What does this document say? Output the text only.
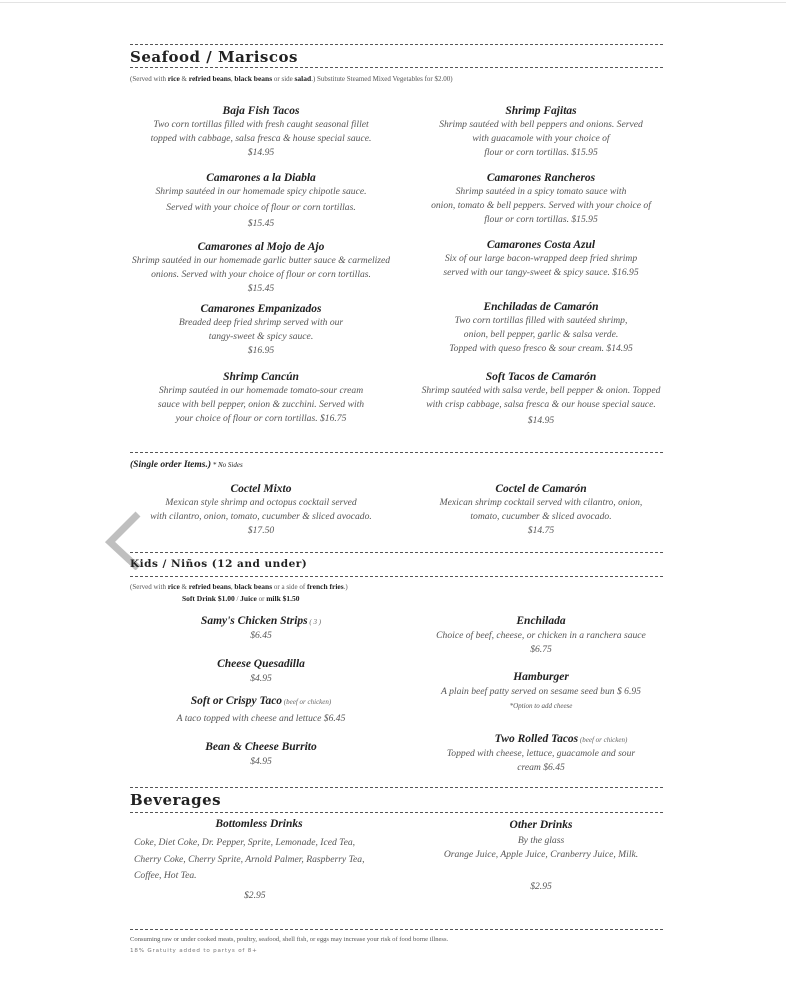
Seafood / Mariscos
(Served with rice & refried beans, black beans or side salad.) Substitute Steamed Mixed Vegetables for $2.00)
Baja Fish Tacos
Two corn tortillas filled with fresh caught seasonal fillet
topped with cabbage, salsa fresca & house special sauce.
$14.95
Camarones a la Diabla
Shrimp sautéed in our homemade spicy chipotle sauce.
Served with your choice of flour or corn tortillas.
$15.45
Camarones al Mojo de Ajo
Shrimp sautéed in our homemade garlic butter sauce & carmelized
onions. Served with your choice of flour or corn tortillas.
$15.45
Camarones Empanizados
Breaded deep fried shrimp served with our
tangy-sweet & spicy sauce.
$16.95
Shrimp Cancún
Shrimp sautéed in our homemade tomato-sour cream
sauce with bell pepper, onion & zucchini. Served with
your choice of flour or corn tortillas. $16.75
Shrimp Fajitas
Shrimp sautéed with bell peppers and onions. Served
with guacamole with your choice of
flour or corn tortillas. $15.95
Camarones Rancheros
Shrimp sautéed in a spicy tomato sauce with
onion, tomato & bell peppers. Served with your choice of
flour or corn tortillas. $15.95
Camarones Costa Azul
Six of our large bacon-wrapped deep fried shrimp
served with our tangy-sweet & spicy sauce. $16.95
Enchiladas de Camarón
Two corn tortillas filled with sautéed shrimp,
onion, bell pepper, garlic & salsa verde.
Topped with queso fresco & sour cream. $14.95
Soft Tacos de Camarón
Shrimp sautéed with salsa verde, bell pepper & onion. Topped
with crisp cabbage, salsa fresca & our house special sauce.
$14.95
(Single order Items.) * No Sides
Coctel Mixto
Mexican style shrimp and octopus cocktail served
with cilantro, onion, tomato, cucumber & sliced avocado.
$17.50
Coctel de Camarón
Mexican shrimp cocktail served with cilantro, onion,
tomato, cucumber & sliced avocado.
$14.75
Kids / Niños (12 and under)
(Served with rice & refried beans, black beans or a side of french fries.)
Soft Drink $1.00 / Juice or milk $1.50
Samy's Chicken Strips ( 3 )
$6.45
Cheese Quesadilla
$4.95
Soft or Crispy Taco (beef or chicken)
A taco topped with cheese and lettuce $6.45
Bean & Cheese Burrito
$4.95
Enchilada
Choice of beef, cheese, or chicken in a ranchera sauce
$6.75
Hamburger
A plain beef patty served on sesame seed bun $ 6.95
*Option to add cheese
Two Rolled Tacos (beef or chicken)
Topped with cheese, lettuce, guacamole and sour
cream $6.45
Beverages
Bottomless Drinks
Coke, Diet Coke, Dr. Pepper, Sprite, Lemonade, Iced Tea,
Cherry Coke, Cherry Sprite, Arnold Palmer, Raspberry Tea,
Coffee, Hot Tea.
$2.95
Other Drinks
By the glass
Orange Juice, Apple Juice, Cranberry Juice, Milk.
$2.95
Consuming raw or under cooked meats, poultry, seafood, shell fish, or eggs may increase your risk of food borne illness.
18% Gratuity added to partys of 8+
